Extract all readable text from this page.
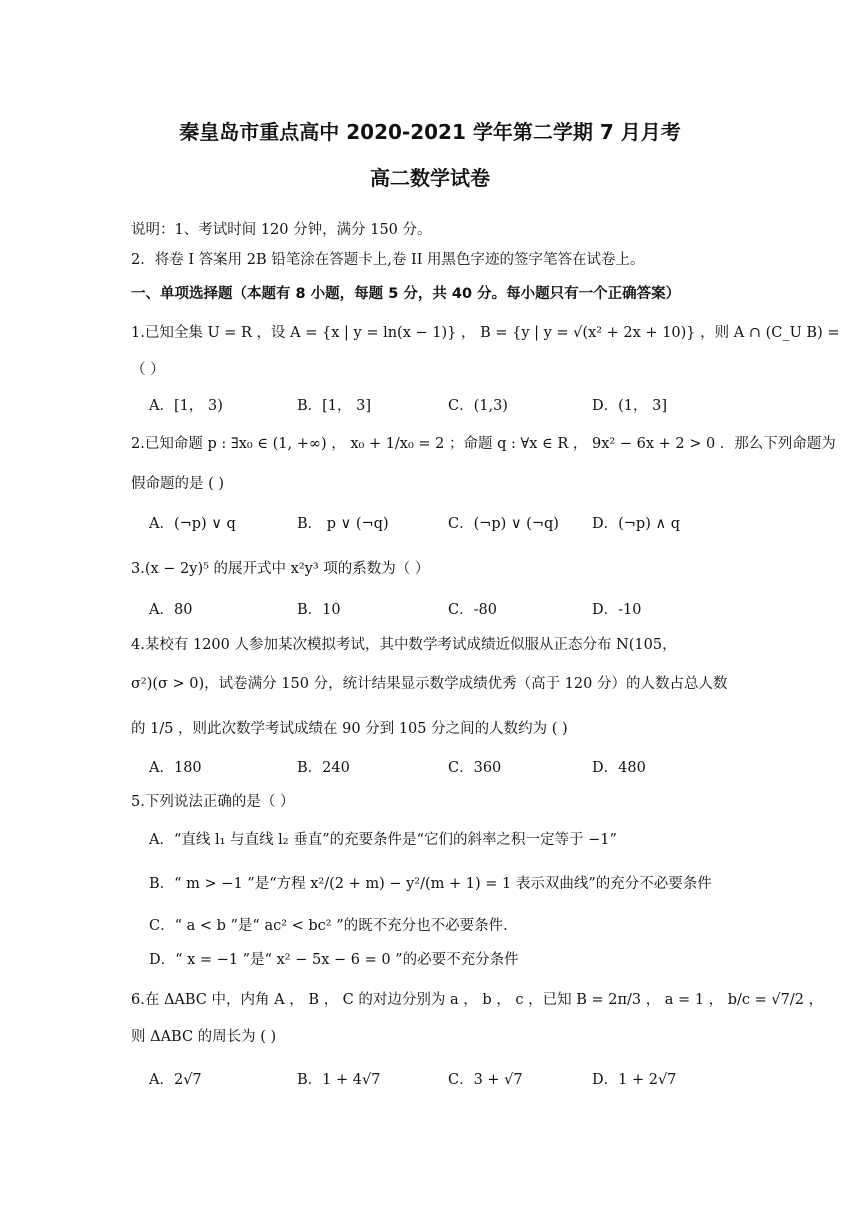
秦皇岛市重点高中 2020-2021 学年第二学期 7 月月考
高二数学试卷
说明：1、考试时间 120 分钟，满分 150 分。
2．将卷 I 答案用 2B 铅笔涂在答题卡上,卷 II 用黑色字迹的签字笔答在试卷上。
一、单项选择题（本题有 8 小题，每题 5 分，共 40 分。每小题只有一个正确答案）
1.已知全集 U = R ，设 A = {x | y = ln(x − 1)} ， B = {y | y = √(x² + 2x + 10)} ，则 A ∩ (C_U B) =
（ ）
A．[1， 3)	B．[1， 3]	C．(1,3)	D．(1， 3]
2.已知命题 p : ∃x₀ ∈ (1, +∞) ， x₀ + 1/x₀ = 2 ；命题 q : ∀x ∈ R ， 9x² − 6x + 2 > 0 ．那么下列命题为
假命题的是 ( )
A．(¬p) ∨ q	B． p ∨ (¬q)	C．(¬p) ∨ (¬q) D．(¬p) ∧ q
3.(x − 2y)⁵ 的展开式中 x²y³ 项的系数为（ ）
A．80	B．10	C．-80	D．-10
4.某校有 1200 人参加某次模拟考试，其中数学考试成绩近似服从正态分布 N(105，
σ²)(σ > 0)，试卷满分 150 分，统计结果显示数学成绩优秀（高于 120 分）的人数占总人数
的 1/5 ，则此次数学考试成绩在 90 分到 105 分之间的人数约为 ( )
A．180	B．240	C．360	D．480
5.下列说法正确的是（ ）
A．“直线 l₁ 与直线 l₂ 垂直”的充要条件是“它们的斜率之积一定等于 −1”
B．“ m > −1 ”是“方程 x²/(2 + m) − y²/(m + 1) = 1 表示双曲线”的充分不必要条件
C．“ a < b ”是“ ac² < bc² ”的既不充分也不必要条件.
D．“ x = −1 ”是“ x² − 5x − 6 = 0 ”的必要不充分条件
6.在 ΔABC 中，内角 A ， B ， C 的对边分别为 a ， b ， c ，已知 B = 2π/3 ， a = 1 ， b/c = √7/2 ，
则 ΔABC 的周长为 ( )
A．2√7	B．1 + 4√7	C．3 + √7	D．1 + 2√7
